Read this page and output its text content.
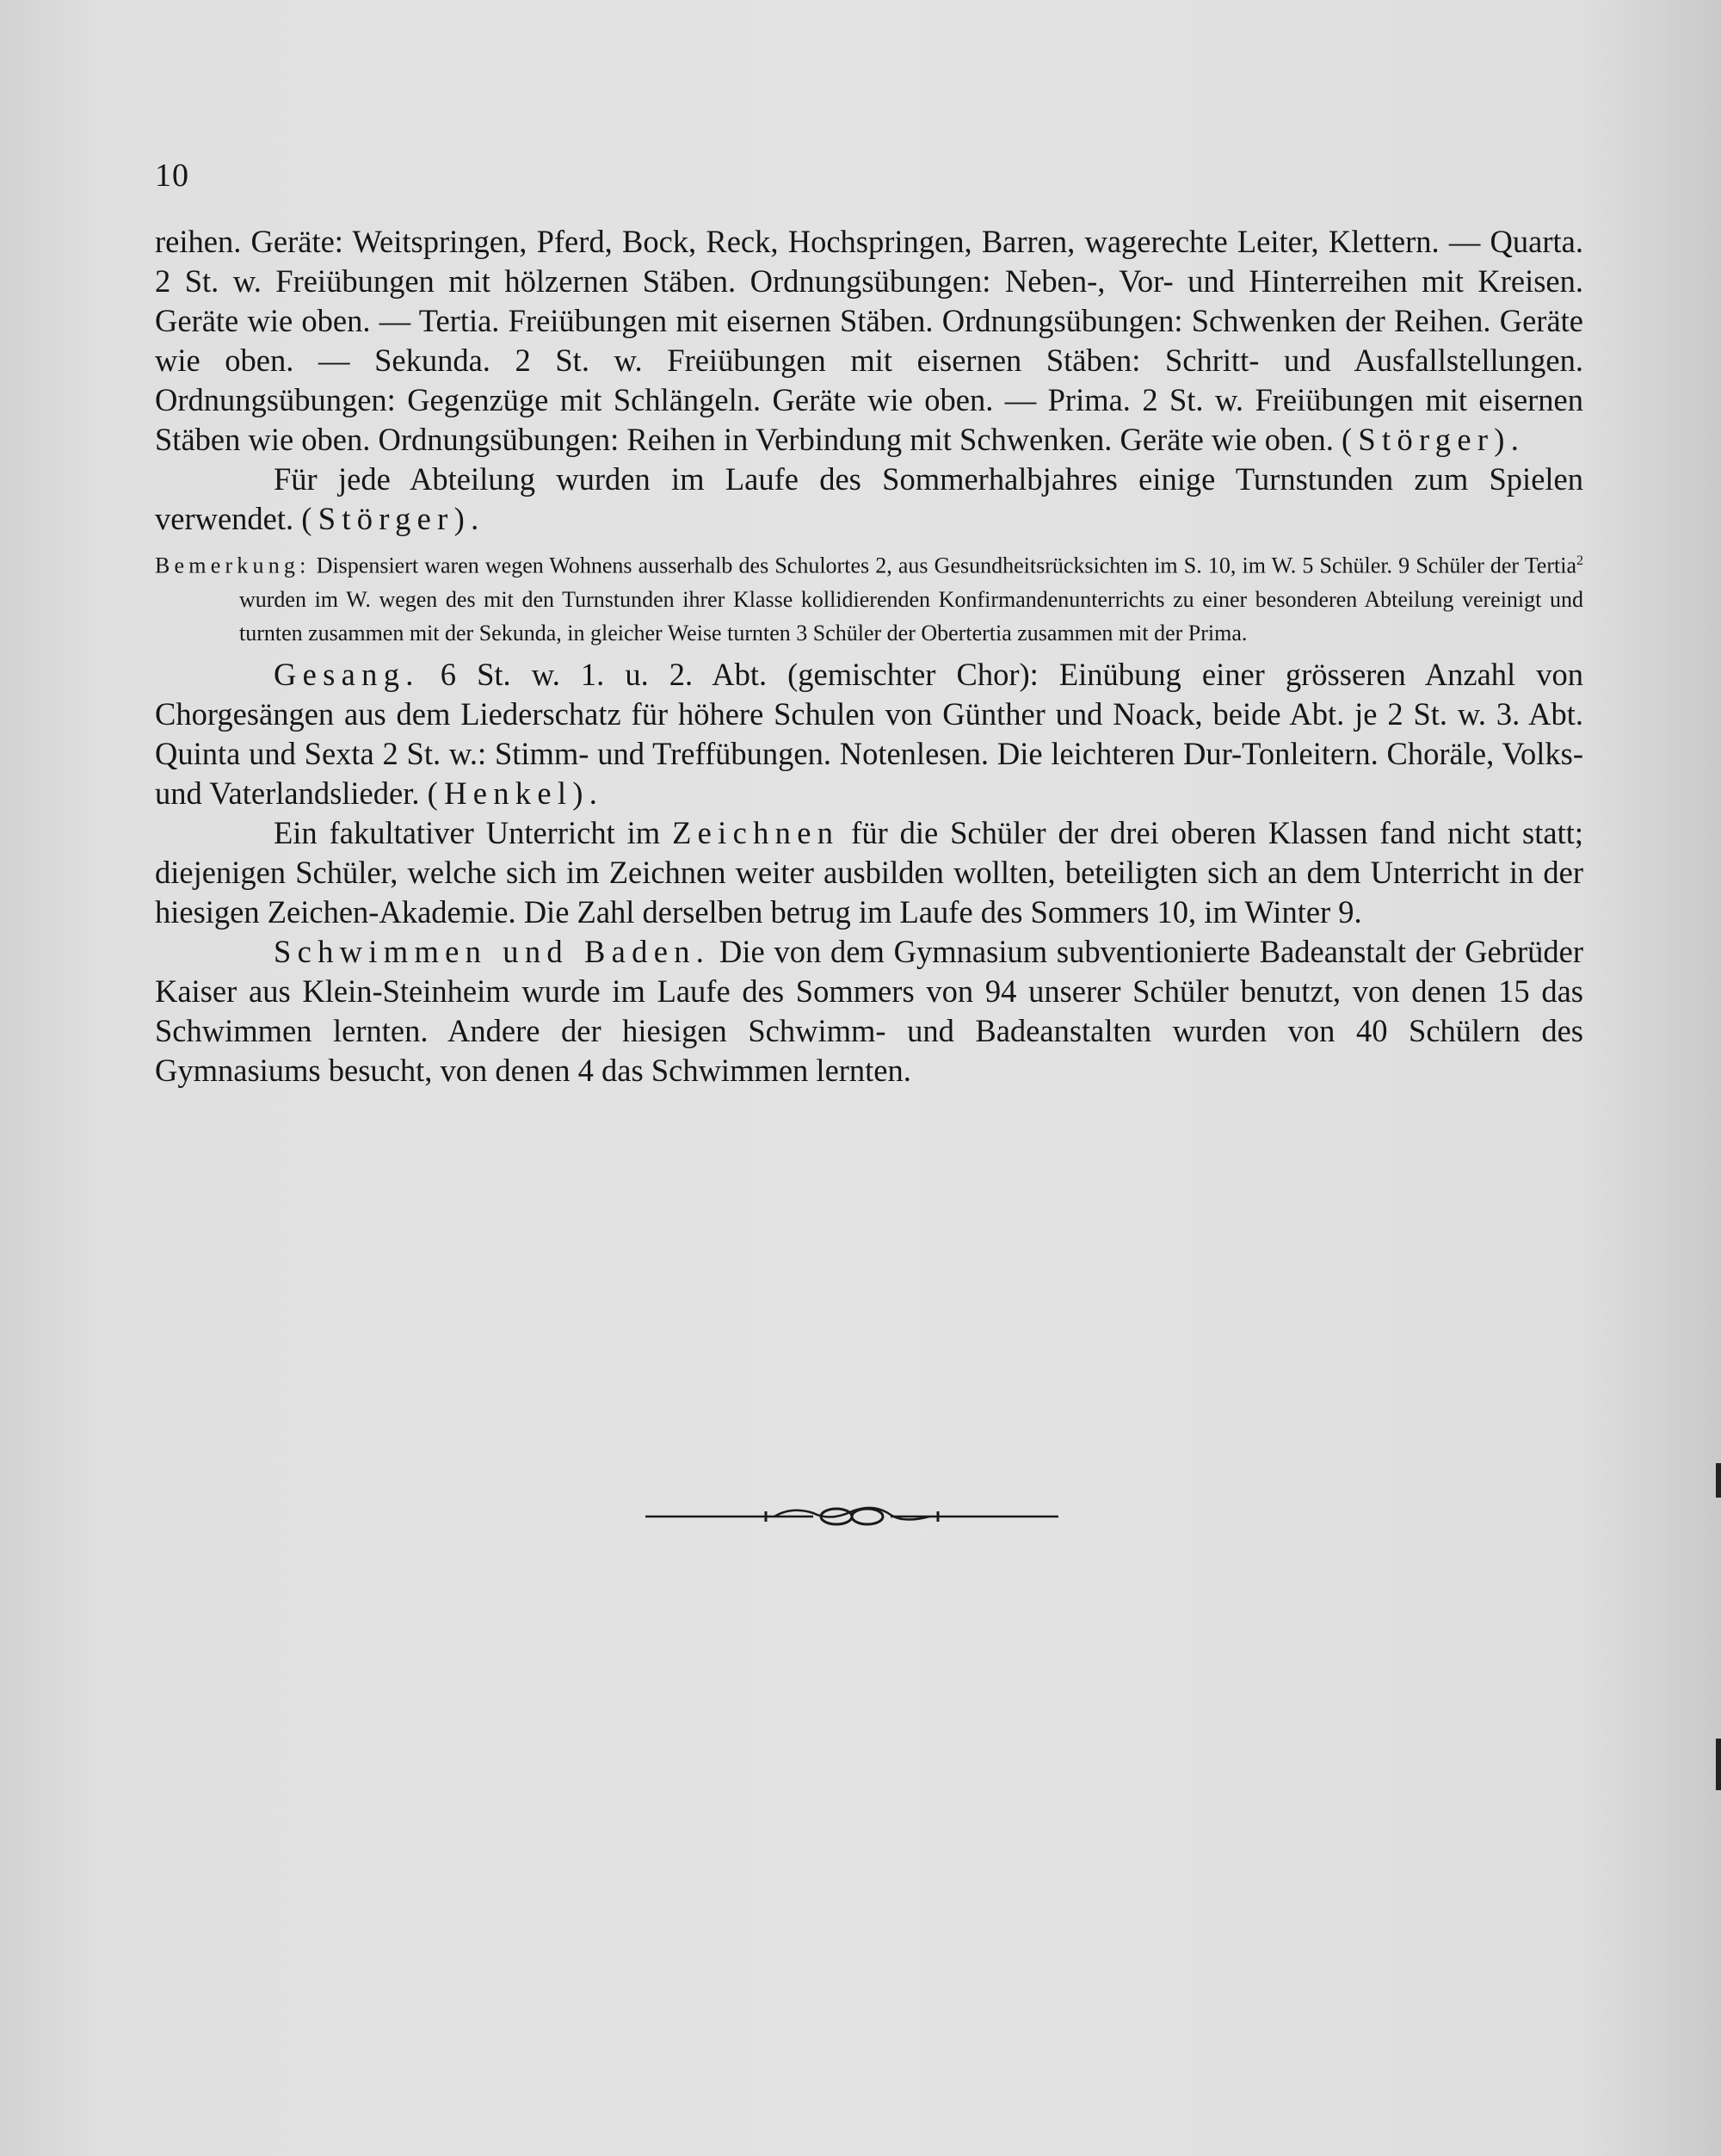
10

reihen. Geräte: Weitspringen, Pferd, Bock, Reck, Hochspringen, Barren, wagerechte Leiter, Klettern. — Quarta. 2 St. w. Freiübungen mit hölzernen Stäben. Ordnungsübungen: Neben-, Vor- und Hinterreihen mit Kreisen. Geräte wie oben. — Tertia. Freiübungen mit eisernen Stäben. Ordnungsübungen: Schwenken der Reihen. Geräte wie oben. — Sekunda. 2 St. w. Freiübungen mit eisernen Stäben: Schritt- und Ausfallstellungen. Ordnungsübungen: Gegenzüge mit Schlängeln. Geräte wie oben. — Prima. 2 St. w. Freiübungen mit eisernen Stäben wie oben. Ordnungsübungen: Reihen in Verbindung mit Schwenken. Geräte wie oben. (Störger).

Für jede Abteilung wurden im Laufe des Sommerhalbjahres einige Turnstunden zum Spielen verwendet. (Störger).

Bemerkung: Dispensiert waren wegen Wohnens ausserhalb des Schulortes 2, aus Gesundheitsrücksichten im S. 10, im W. 5 Schüler. 9 Schüler der Tertia$^2$ wurden im W. wegen des mit den Turnstunden ihrer Klasse kollidierenden Konfirmandenunterrichts zu einer besonderen Abteilung vereinigt und turnten zusammen mit der Sekunda, in gleicher Weise turnten 3 Schüler der Obertertia zusammen mit der Prima.

Gesang. 6 St. w. 1. u. 2. Abt. (gemischter Chor): Einübung einer grösseren Anzahl von Chorgesängen aus dem Liederschatz für höhere Schulen von Günther und Noack, beide Abt. je 2 St. w. 3. Abt. Quinta und Sexta 2 St. w.: Stimm- und Treffübungen. Notenlesen. Die leichteren Dur-Tonleitern. Choräle, Volks- und Vaterlandslieder. (Henkel).

Ein fakultativer Unterricht im Zeichnen für die Schüler der drei oberen Klassen fand nicht statt; diejenigen Schüler, welche sich im Zeichnen weiter ausbilden wollten, beteiligten sich an dem Unterricht in der hiesigen Zeichen-Akademie. Die Zahl derselben betrug im Laufe des Sommers 10, im Winter 9.

Schwimmen und Baden. Die von dem Gymnasium subventionierte Badeanstalt der Gebrüder Kaiser aus Klein-Steinheim wurde im Laufe des Sommers von 94 unserer Schüler benutzt, von denen 15 das Schwimmen lernten. Andere der hiesigen Schwimm- und Badeanstalten wurden von 40 Schülern des Gymnasiums besucht, von denen 4 das Schwimmen lernten.
